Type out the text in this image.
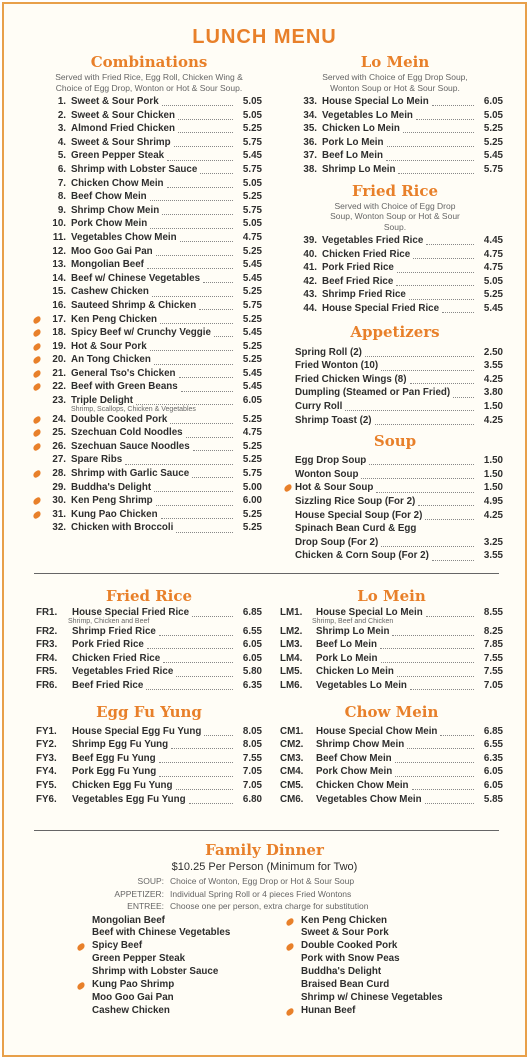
LUNCH MENU
Combinations
Served with Fried Rice, Egg Roll, Chicken Wing & Choice of Egg Drop, Wonton or Hot & Sour Soup.
1. Sweet & Sour Pork	5.05
2. Sweet & Sour Chicken	5.05
3. Almond Fried Chicken	5.25
4. Sweet & Sour Shrimp	5.75
5. Green Pepper Steak	5.45
6. Shrimp with Lobster Sauce	5.75
7. Chicken Chow Mein	5.05
8. Beef Chow Mein	5.25
9. Shrimp Chow Mein	5.75
10. Pork Chow Mein	5.05
11. Vegetables Chow Mein	4.75
12. Moo Goo Gai Pan	5.25
13. Mongolian Beef	5.45
14. Beef w/ Chinese Vegetables	5.45
15. Cashew Chicken	5.25
16. Sauteed Shrimp & Chicken	5.75
17. Ken Peng Chicken	5.25
18. Spicy Beef w/ Crunchy Veggie	5.45
19. Hot & Sour Pork	5.25
20. An Tong Chicken	5.25
21. General Tso's Chicken	5.45
22. Beef with Green Beans	5.45
23. Triple Delight	6.05
Shrimp, Scallops, Chicken & Vegetables
24. Double Cooked Pork	5.25
25. Szechuan Cold Noodles	4.75
26. Szechuan Sauce Noodles	5.25
27. Spare Ribs	5.25
28. Shrimp with Garlic Sauce	5.75
29. Buddha's Delight	5.00
30. Ken Peng Shrimp	6.00
31. Kung Pao Chicken	5.25
32. Chicken with Broccoli	5.25
Lo Mein
Served with Choice of Egg Drop Soup, Wonton Soup or Hot & Sour Soup.
33. House Special Lo Mein	6.05
34. Vegetables Lo Mein	5.05
35. Chicken Lo Mein	5.25
36. Pork Lo Mein	5.25
37. Beef Lo Mein	5.45
38. Shrimp Lo Mein	5.75
Fried Rice
Served with Choice of Egg Drop Soup, Wonton Soup or Hot & Sour Soup.
39. Vegetables Fried Rice	4.45
40. Chicken Fried Rice	4.75
41. Pork Fried Rice	4.75
42. Beef Fried Rice	5.05
43. Shrimp Fried Rice	5.25
44. House Special Fried Rice	5.45
Appetizers
Spring Roll (2)	2.50
Fried Wonton (10)	3.55
Fried Chicken Wings (8)	4.25
Dumpling (Steamed or Pan Fried)	3.80
Curry Roll	1.50
Shrimp Toast (2)	4.25
Soup
Egg Drop Soup	1.50
Wonton Soup	1.50
Hot & Sour Soup	1.50
Sizzling Rice Soup (For 2)	4.95
House Special Soup (For 2)	4.25
Spinach Bean Curd & Egg
Drop Soup (For 2)	3.25
Chicken & Corn Soup (For 2)	3.55
Fried Rice
FR1.	House Special Fried Rice	6.85
Shrimp, Chicken and Beef
FR2.	Shrimp Fried Rice	6.55
FR3.	Pork Fried Rice	6.05
FR4.	Chicken Fried Rice	6.05
FR5.	Vegetables Fried Rice	5.80
FR6.	Beef Fried Rice	6.35
Egg Fu Yung
FY1.	House Special Egg Fu Yung	8.05
FY2.	Shrimp Egg Fu Yung	8.05
FY3.	Beef Egg Fu Yung	7.55
FY4.	Pork Egg Fu Yung	7.05
FY5.	Chicken Egg Fu Yung	7.05
FY6.	Vegetables Egg Fu Yung	6.80
Lo Mein
LM1.	House Special Lo Mein	8.55
Shrimp, Beef and Chicken
LM2.	Shrimp Lo Mein	8.25
LM3.	Beef Lo Mein	7.85
LM4.	Pork Lo Mein	7.55
LM5.	Chicken Lo Mein	7.55
LM6.	Vegetables Lo Mein	7.05
Chow Mein
CM1.	House Special Chow Mein	6.85
CM2.	Shrimp Chow Mein	6.55
CM3.	Beef Chow Mein	6.35
CM4.	Pork Chow Mein	6.05
CM5.	Chicken Chow Mein	6.05
CM6.	Vegetables Chow Mein	5.85
Family Dinner
$10.25 Per Person (Minimum for Two)
SOUP: Choice of Wonton, Egg Drop or Hot & Sour Soup
APPETIZER: Individual Spring Roll or 4 pieces Fried Wontons
ENTREE: Choose one per person, extra charge for substitution
Mongolian Beef
Beef with Chinese Vegetables
Spicy Beef
Green Pepper Steak
Shrimp with Lobster Sauce
Kung Pao Shrimp
Moo Goo Gai Pan
Cashew Chicken
Ken Peng Chicken
Sweet & Sour Pork
Double Cooked Pork
Pork with Snow Peas
Buddha's Delight
Braised Bean Curd
Shrimp w/ Chinese Vegetables
Hunan Beef
